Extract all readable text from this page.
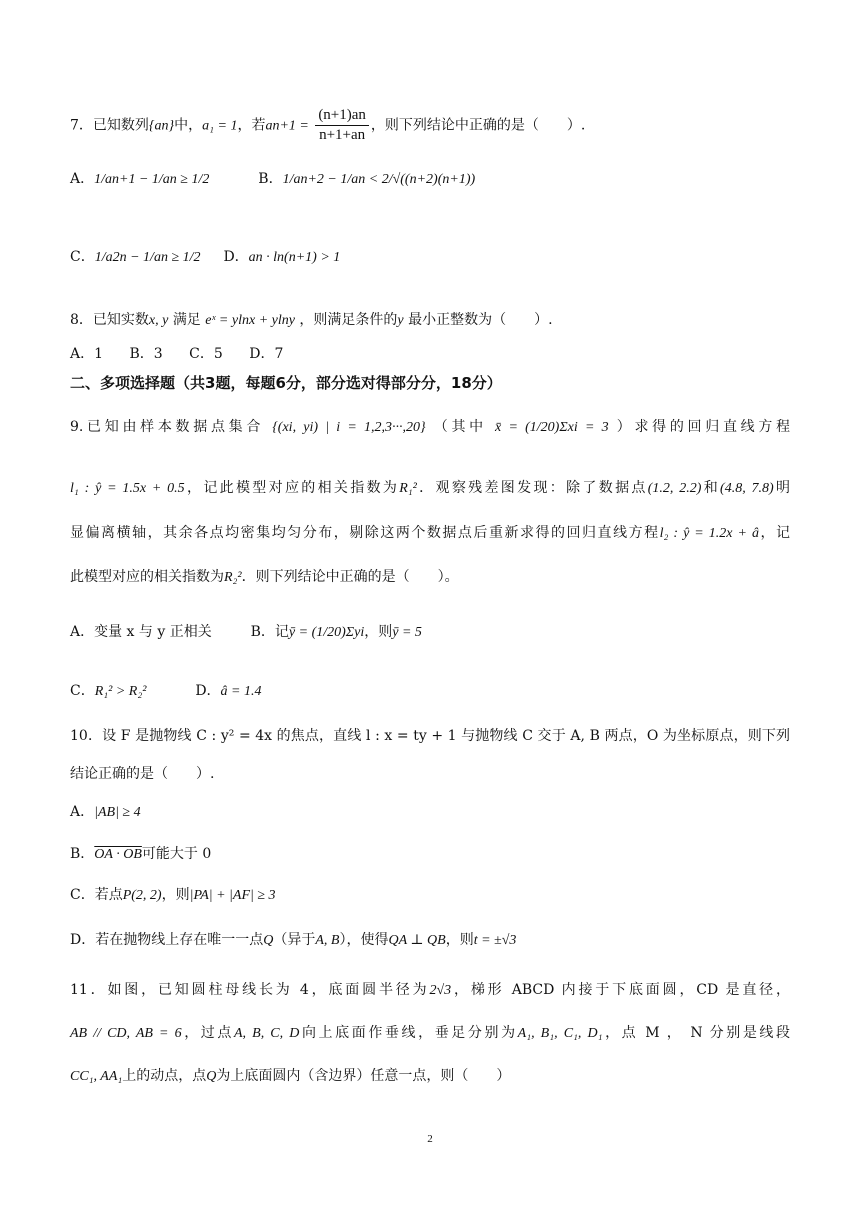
7．已知数列{an}中，a₁ = 1，若$an+1 = \frac{(n+1)an}{n+1+an}$ ，则下列结论中正确的是（　　）.
A．1/an+1 − 1/an ≥ 1/2	B．1/an+2 − 1/an < 2/√((n+2)(n+1))
C．1/a2n − 1/an ≥ 1/2 D．an · ln(n+1) > 1
8．已知实数x, y 满足 eˣ = ylnx + ylny ，则满足条件的y 最小正整数为（　　）.
A．1 B．3 C．5 D．7
二、多项选择题（共3题，每题6分，部分选对得部分分，18分）
9.已知由样本数据点集合 {(xi, yi) | i = 1,2,3···,20} （其中 x̄ = (1/20)Σxi = 3 ）求得的回归直线方程
l₁ : ŷ = 1.5x + 0.5，记此模型对应的相关指数为R₁²．观察残差图发现：除了数据点(1.2, 2.2)和(4.8, 7.8)明
显偏离横轴，其余各点均密集均匀分布，剔除这两个数据点后重新求得的回归直线方程l₂ : ŷ = 1.2x + â，记
此模型对应的相关指数为R₂²．则下列结论中正确的是（　　）。
A．变量 x 与 y 正相关	B．记ȳ = (1/20)Σyi，则ȳ = 5
C．R₁² > R₂²	D．â = 1.4
10．设 F 是抛物线 C : y² = 4x 的焦点，直线 l : x = ty + 1 与抛物线 C 交于 A, B 两点，O 为坐标原点，则下列
结论正确的是（　　）.
A．|AB| ≥ 4
B．OA · OB可能大于 0
C．若点P(2, 2)，则|PA| + |AF| ≥ 3
D．若在抛物线上存在唯一一点Q（异于A, B），使得QA ⊥ QB，则t = ±√3
11．如图，已知圆柱母线长为 4，底面圆半径为2√3，梯形 ABCD 内接于下底面圆，CD 是直径，
AB // CD, AB = 6，过点A, B, C, D向上底面作垂线，垂足分别为A₁, B₁, C₁, D₁，点 M ， N 分别是线段
CC₁, AA₁上的动点，点Q为上底面圆内（含边界）任意一点，则（　　）
2
